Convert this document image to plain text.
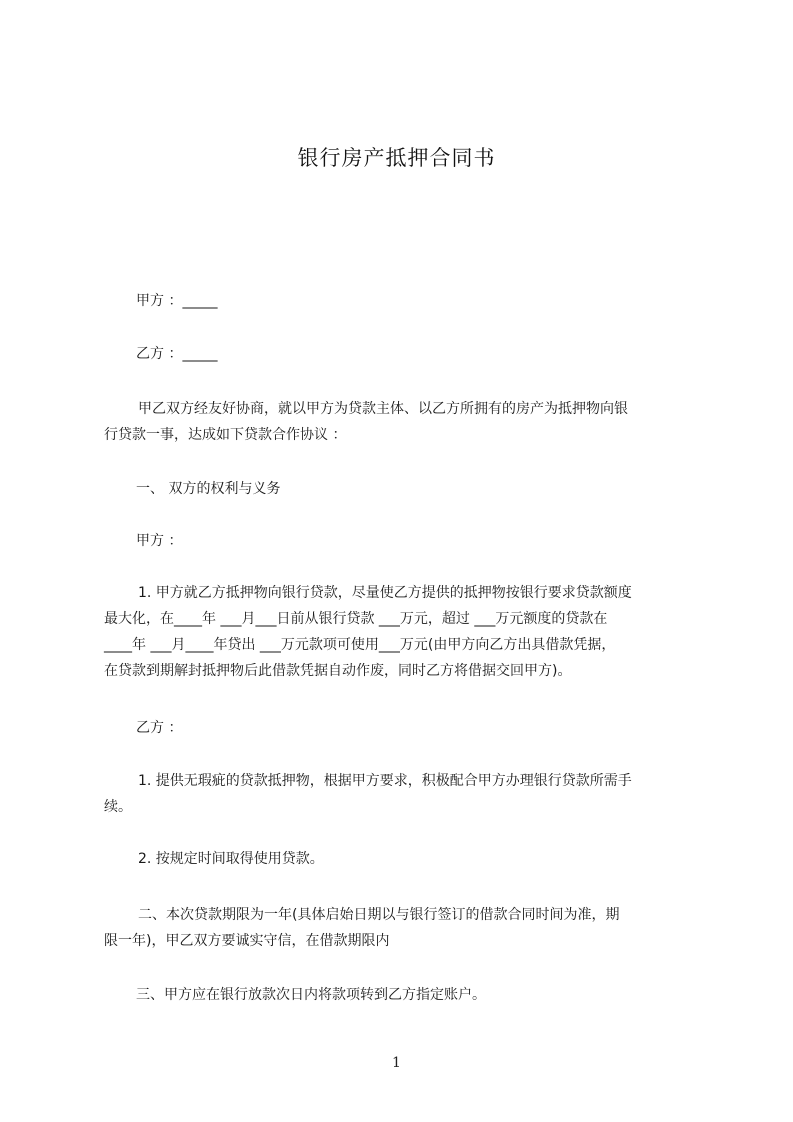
银行房产抵押合同书
甲方 ：_____
乙方 ：_____

甲乙双方经友好协商，就以甲方为贷款主体、以乙方所拥有的房产为抵押物向银

行贷款一事，达成如下贷款合作协议 ：

一、 双方的权利与义务
甲方 ：

1. 甲方就乙方抵押物向银行贷款，尽量使乙方提供的抵押物按银行要求贷款额度

最大化，在____年 ___月___日前从银行贷款 ___万元，超过 ___万元额度的贷款在

____年 ___月____年贷出 ___万元款项可使用___万元(由甲方向乙方出具借款凭据，

在贷款到期解封抵押物后此借款凭据自动作废，同时乙方将借据交回甲方)。

乙方 ：

1. 提供无瑕疵的贷款抵押物，根据甲方要求，积极配合甲方办理银行贷款所需手

续。

2. 按规定时间取得使用贷款。

二、本次贷款期限为一年(具体启始日期以与银行签订的借款合同时间为准，期

限一年)，甲乙双方要诚实守信，在借款期限内

三、甲方应在银行放款次日内将款项转到乙方指定账户。
1
